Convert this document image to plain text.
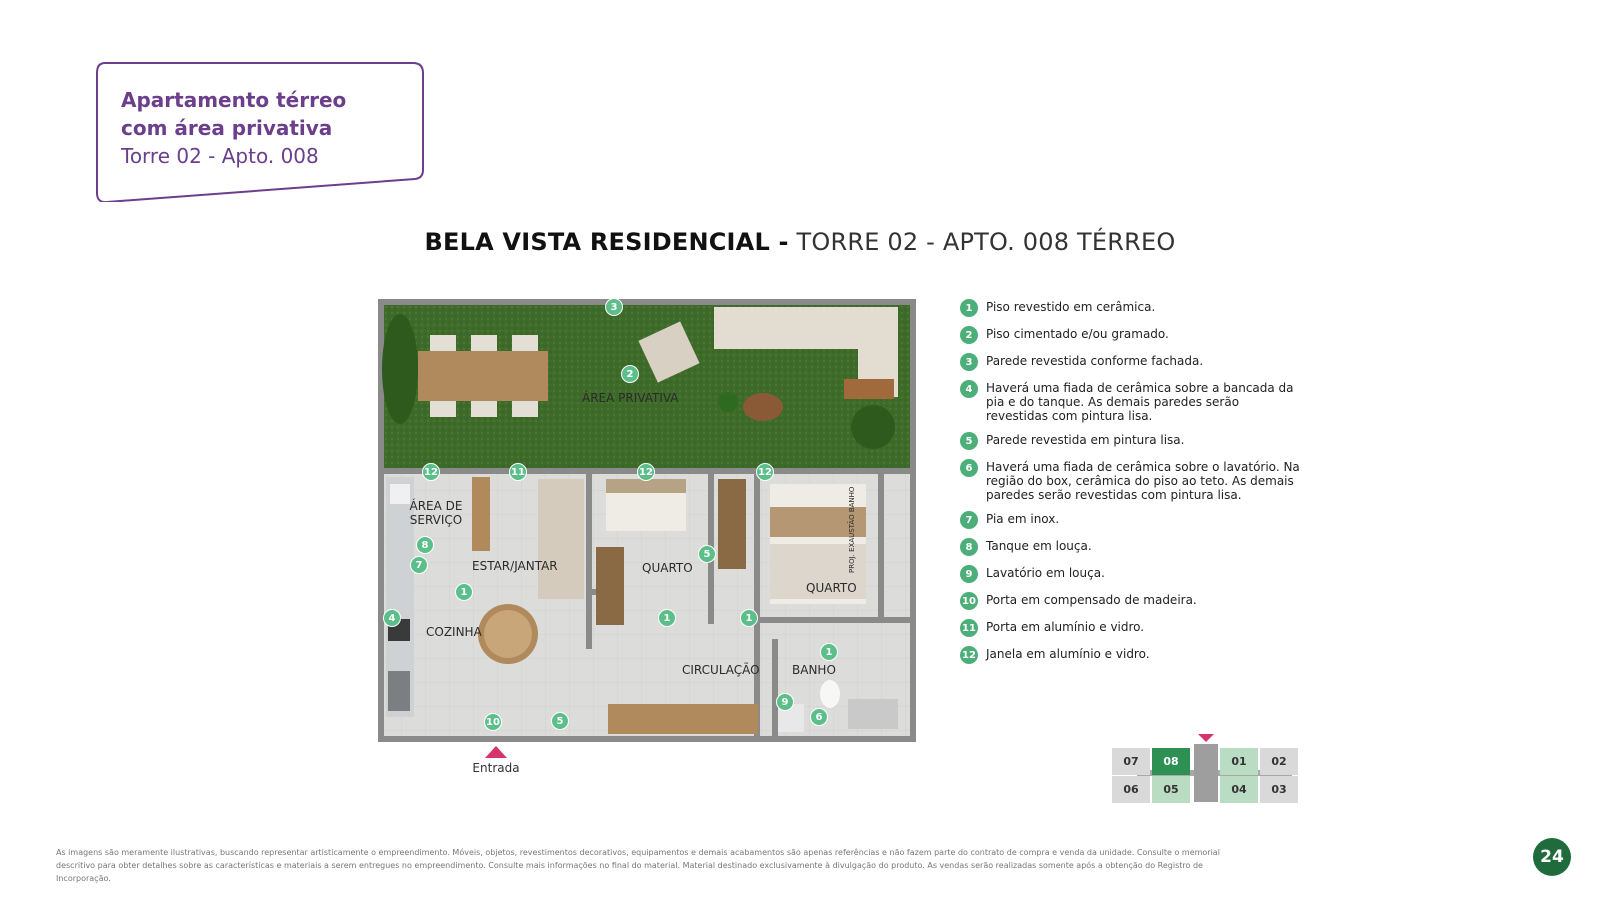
Apartamento térreo
com área privativa
Torre 02 - Apto. 008
BELA VISTA RESIDENCIAL - TORRE 02 - APTO. 008 TÉRREO
ÁREA PRIVATIVA
ÁREA DE SERVIÇO
ESTAR/JANTAR	QUARTO
QUARTO
COZINHA
CIRCULAÇÃO	BANHO
PROJ. EXAUSTÃO BANHO
3
2
12	11	12	12
8
7
1
4
5
1	1
1
9
6
10	5
Entrada
1	Piso revestido em cerâmica.
2	Piso cimentado e/ou gramado.
3	Parede revestida conforme fachada.
4	Haverá uma fiada de cerâmica sobre a bancada da pia e do tanque. As demais paredes serão revestidas com pintura lisa.
5	Parede revestida em pintura lisa.
6	Haverá uma fiada de cerâmica sobre o lavatório. Na região do box, cerâmica do piso ao teto. As demais paredes serão revestidas com pintura lisa.
7	Pia em inox.
8	Tanque em louça.
9	Lavatório em louça.
10 Porta em compensado de madeira.
11 Porta em alumínio e vidro.
12 Janela em alumínio e vidro.
07	08	01	02
06	05	04	03
As imagens são meramente ilustrativas, buscando representar artisticamente o empreendimento. Móveis, objetos, revestimentos decorativos, equipamentos e demais acabamentos são apenas referências e não fazem parte do contrato de compra e venda da unidade. Consulte o memorial descritivo para obter detalhes sobre as características e materiais a serem entregues no empreendimento. Consulte mais informações no final do material. Material destinado exclusivamente à divulgação do produto. As vendas serão realizadas somente após a obtenção do Registro de Incorporação.
24
